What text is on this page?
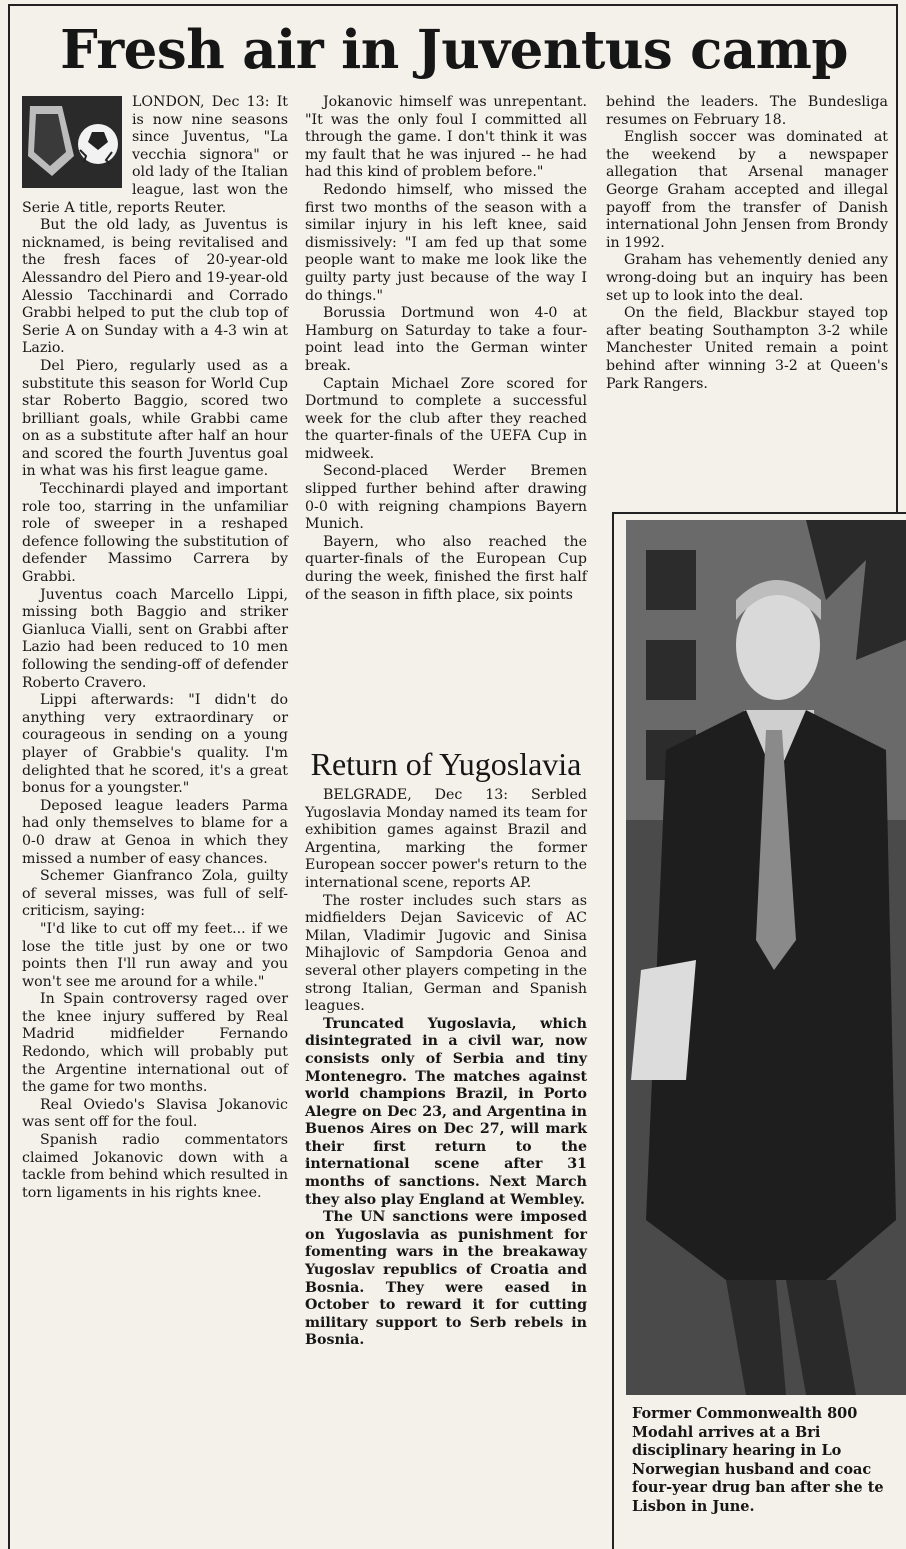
Fresh air in Juventus camp

LONDON, Dec 13: It is now nine seasons since Juventus, "La vecchia signora" or old lady of the Italian league, last won the Serie A title, reports Reuter.

But the old lady, as Juventus is nicknamed, is being revitalised and the fresh faces of 20-year-old Alessandro del Piero and 19-year-old Alessio Tacchinardi and Corrado Grabbi helped to put the club top of Serie A on Sunday with a 4-3 win at Lazio.

Del Piero, regularly used as a substitute this season for World Cup star Roberto Baggio, scored two brilliant goals, while Grabbi came on as a substitute after half an hour and scored the fourth Juventus goal in what was his first league game.

Tecchinardi played and important role too, starring in the unfamiliar role of sweeper in a reshaped defence following the substitution of defender Massimo Carrera by Grabbi.

Juventus coach Marcello Lippi, missing both Baggio and striker Gianluca Vialli, sent on Grabbi after Lazio had been reduced to 10 men following the sending-off of defender Roberto Cravero.

Lippi afterwards: "I didn't do anything very extraordinary or courageous in sending on a young player of Grabbie's quality. I'm delighted that he scored, it's a great bonus for a youngster."

Deposed league leaders Parma had only themselves to blame for a 0-0 draw at Genoa in which they missed a number of easy chances.

Schemer Gianfranco Zola, guilty of several misses, was full of self-criticism, saying:

"I'd like to cut off my feet... if we lose the title just by one or two points then I'll run away and you won't see me around for a while."

In Spain controversy raged over the knee injury suffered by Real Madrid midfielder Fernando Redondo, which will probably put the Argentine international out of the game for two months.

Real Oviedo's Slavisa Jokanovic was sent off for the foul.

Spanish radio commentators claimed Jokanovic down with a tackle from behind which resulted in torn ligaments in his rights knee.

Jokanovic himself was unrepentant. "It was the only foul I committed all through the game. I don't think it was my fault that he was injured -- he had had this kind of problem before."

Redondo himself, who missed the first two months of the season with a similar injury in his left knee, said dismissively: "I am fed up that some people want to make me look like the guilty party just because of the way I do things."

Borussia Dortmund won 4-0 at Hamburg on Saturday to take a four-point lead into the German winter break.

Captain Michael Zore scored for Dortmund to complete a successful week for the club after they reached the quarter-finals of the UEFA Cup in midweek.

Second-placed Werder Bremen slipped further behind after drawing 0-0 with reigning champions Bayern Munich.

Bayern, who also reached the quarter-finals of the European Cup during the week, finished the first half of the season in fifth place, six points

Return of Yugoslavia

BELGRADE, Dec 13: Serbled Yugoslavia Monday named its team for exhibition games against Brazil and Argentina, marking the former European soccer power's return to the international scene, reports AP.

The roster includes such stars as midfielders Dejan Savicevic of AC Milan, Vladimir Jugovic and Sinisa Mihajlovic of Sampdoria Genoa and several other players competing in the strong Italian, German and Spanish leagues.

Truncated Yugoslavia, which disintegrated in a civil war, now consists only of Serbia and tiny Montenegro. The matches against world champions Brazil, in Porto Alegre on Dec 23, and Argentina in Buenos Aires on Dec 27, will mark their first return to the international scene after 31 months of sanctions. Next March they also play England at Wembley.

The UN sanctions were imposed on Yugoslavia as punishment for fomenting wars in the breakaway Yugoslav republics of Croatia and Bosnia. They were eased in October to reward it for cutting military support to Serb rebels in Bosnia.

behind the leaders. The Bundesliga resumes on February 18.

English soccer was dominated at the weekend by a newspaper allegation that Arsenal manager George Graham accepted and illegal payoff from the transfer of Danish international John Jensen from Brondy in 1992.

Graham has vehemently denied any wrong-doing but an inquiry has been set up to look into the deal.

On the field, Blackbur stayed top after beating Southampton 3-2 while Manchester United remain a point behind after winning 3-2 at Queen's Park Rangers.

Former Commonwealth 800
Modahl arrives at a Bri
disciplinary hearing in Lo
Norwegian husband and coac
four-year drug ban after she te
Lisbon in June.
